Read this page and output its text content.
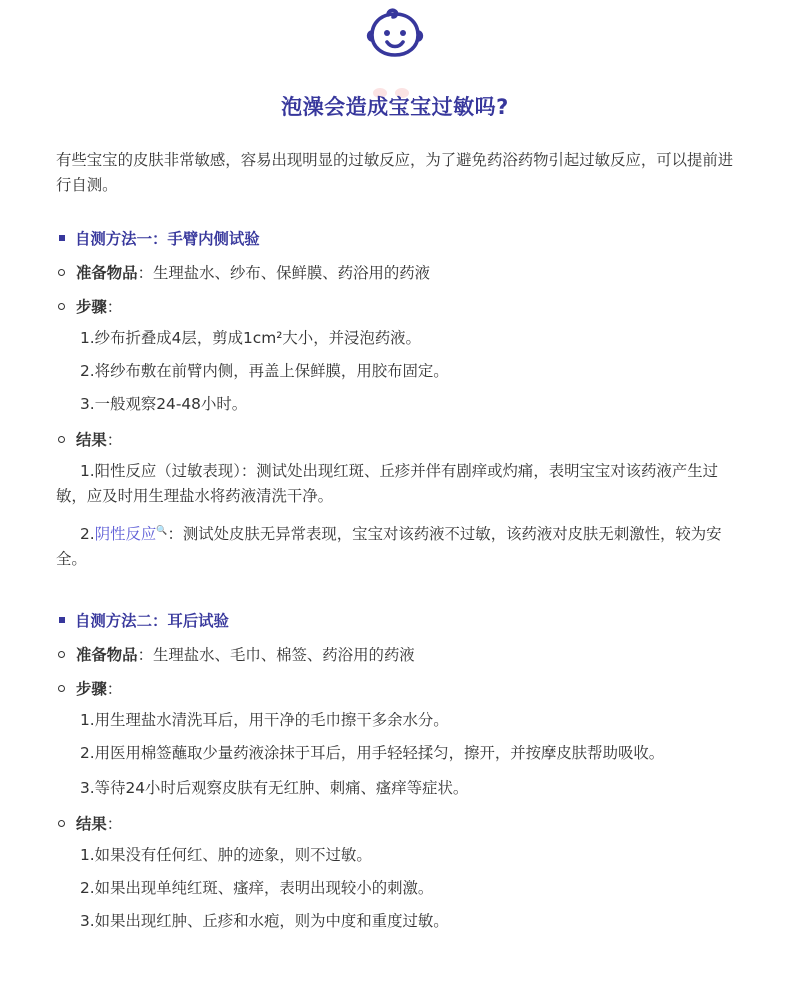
泡澡会造成宝宝过敏吗?

有些宝宝的皮肤非常敏感，容易出现明显的过敏反应，为了避免药浴药物引起过敏反应，可以提前进行自测。

自测方法一：手臂内侧试验
准备物品 ： 生理盐水、纱布、保鲜膜、药浴用的药液
步骤 ：

1.纱布折叠成4层，剪成1cm²大小，并浸泡药液。

2.将纱布敷在前臂内侧，再盖上保鲜膜，用胶布固定。

3.一般观察24-48小时。

结果 ：

1.阳性反应（过敏表现）：测试处出现红斑、丘疹并伴有剧痒或灼痛，表明宝宝对该药液产生过敏，应及时用生理盐水将药液清洗干净。

2.阴性反应🔍：测试处皮肤无异常表现，宝宝对该药液不过敏，该药液对皮肤无刺激性，较为安全。

自测方法二：耳后试验
准备物品 ： 生理盐水、毛巾、棉签、药浴用的药液
步骤 ：

1.用生理盐水清洗耳后，用干净的毛巾擦干多余水分。

2.用医用棉签蘸取少量药液涂抹于耳后，用手轻轻揉匀，擦开，并按摩皮肤帮助吸收。

3.等待24小时后观察皮肤有无红肿、刺痛、瘙痒等症状。

结果 ：

1.如果没有任何红、肿的迹象，则不过敏。

2.如果出现单纯红斑、瘙痒，表明出现较小的刺激。

3.如果出现红肿、丘疹和水疱，则为中度和重度过敏。
